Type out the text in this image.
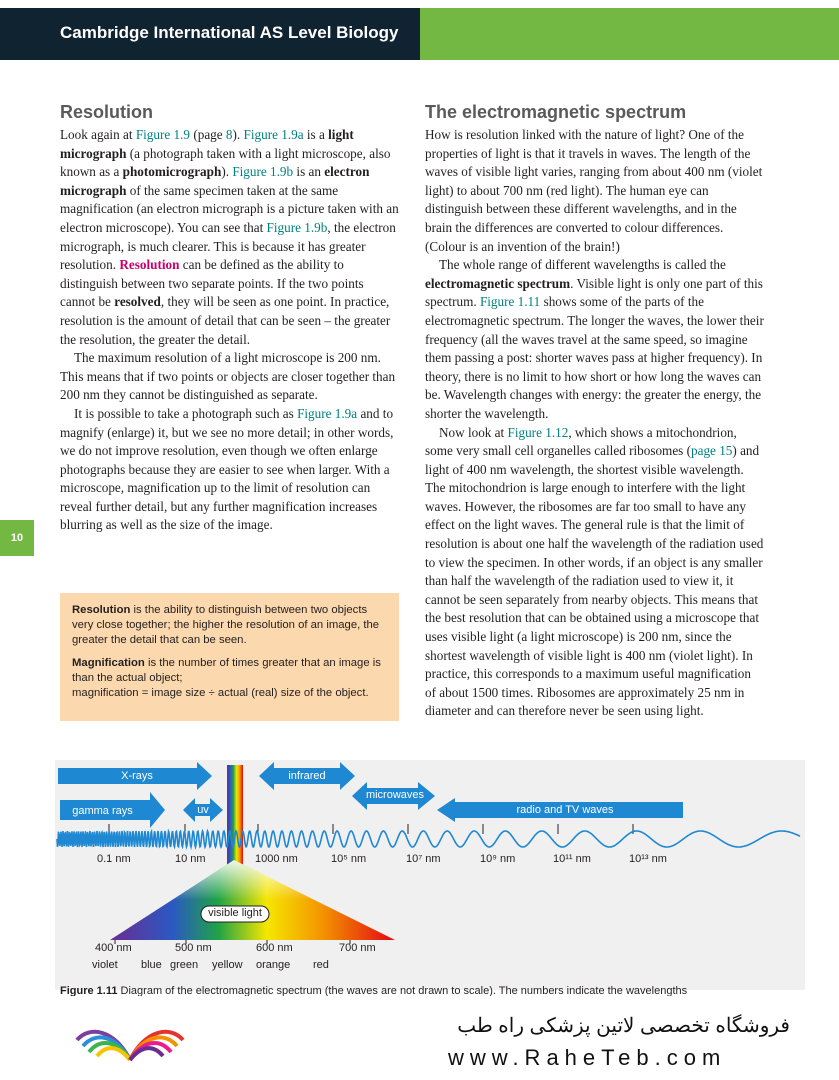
Cambridge International AS Level Biology
10
Resolution

Look again at Figure 1.9 (page 8). Figure 1.9a is a light micrograph (a photograph taken with a light microscope, also known as a photomicrograph). Figure 1.9b is an electron micrograph of the same specimen taken at the same magnification (an electron micrograph is a picture taken with an electron microscope). You can see that Figure 1.9b, the electron micrograph, is much clearer. This is because it has greater resolution. Resolution can be defined as the ability to distinguish between two separate points. If the two points cannot be resolved, they will be seen as one point. In practice, resolution is the amount of detail that can be seen – the greater the resolution, the greater the detail.

The maximum resolution of a light microscope is 200 nm. This means that if two points or objects are closer together than 200 nm they cannot be distinguished as separate.

It is possible to take a photograph such as Figure 1.9a and to magnify (enlarge) it, but we see no more detail; in other words, we do not improve resolution, even though we often enlarge photographs because they are easier to see when larger. With a microscope, magnification up to the limit of resolution can reveal further detail, but any further magnification increases blurring as well as the size of the image.

Resolution is the ability to distinguish between two objects very close together; the higher the resolution of an image, the greater the detail that can be seen.

Magnification is the number of times greater that an image is than the actual object;
magnification = image size ÷ actual (real) size of the object.

The electromagnetic spectrum

How is resolution linked with the nature of light? One of the properties of light is that it travels in waves. The length of the waves of visible light varies, ranging from about 400 nm (violet light) to about 700 nm (red light). The human eye can distinguish between these different wavelengths, and in the brain the differences are converted to colour differences. (Colour is an invention of the brain!)

The whole range of different wavelengths is called the electromagnetic spectrum. Visible light is only one part of this spectrum. Figure 1.11 shows some of the parts of the electromagnetic spectrum. The longer the waves, the lower their frequency (all the waves travel at the same speed, so imagine them passing a post: shorter waves pass at higher frequency). In theory, there is no limit to how short or how long the waves can be. Wavelength changes with energy: the greater the energy, the shorter the wavelength.

Now look at Figure 1.12, which shows a mitochondrion, some very small cell organelles called ribosomes (page 15) and light of 400 nm wavelength, the shortest visible wavelength. The mitochondrion is large enough to interfere with the light waves. However, the ribosomes are far too small to have any effect on the light waves. The general rule is that the limit of resolution is about one half the wavelength of the radiation used to view the specimen. In other words, if an object is any smaller than half the wavelength of the radiation used to view it, it cannot be seen separately from nearby objects. This means that the best resolution that can be obtained using a microscope that uses visible light (a light microscope) is 200 nm, since the shortest wavelength of visible light is 400 nm (violet light). In practice, this corresponds to a maximum useful magnification of about 1500 times. Ribosomes are approximately 25 nm in diameter and can therefore never be seen using light.

X-rays
gamma rays	uv
infrared
microwaves
radio and TV waves
0.1 nm	10 nm	1000 nm	10⁵ nm	10⁷ nm	10⁹ nm	10¹¹ nm	10¹³ nm
visible light
400 nm	500 nm	600 nm	700 nm
violet blue green yellow orange red
Figure 1.11 Diagram of the electromagnetic spectrum (the waves are not drawn to scale). The numbers indicate the wavelengths
فروشگاه تخصصی لاتین پزشکی راه طب
www.RaheTeb.com
